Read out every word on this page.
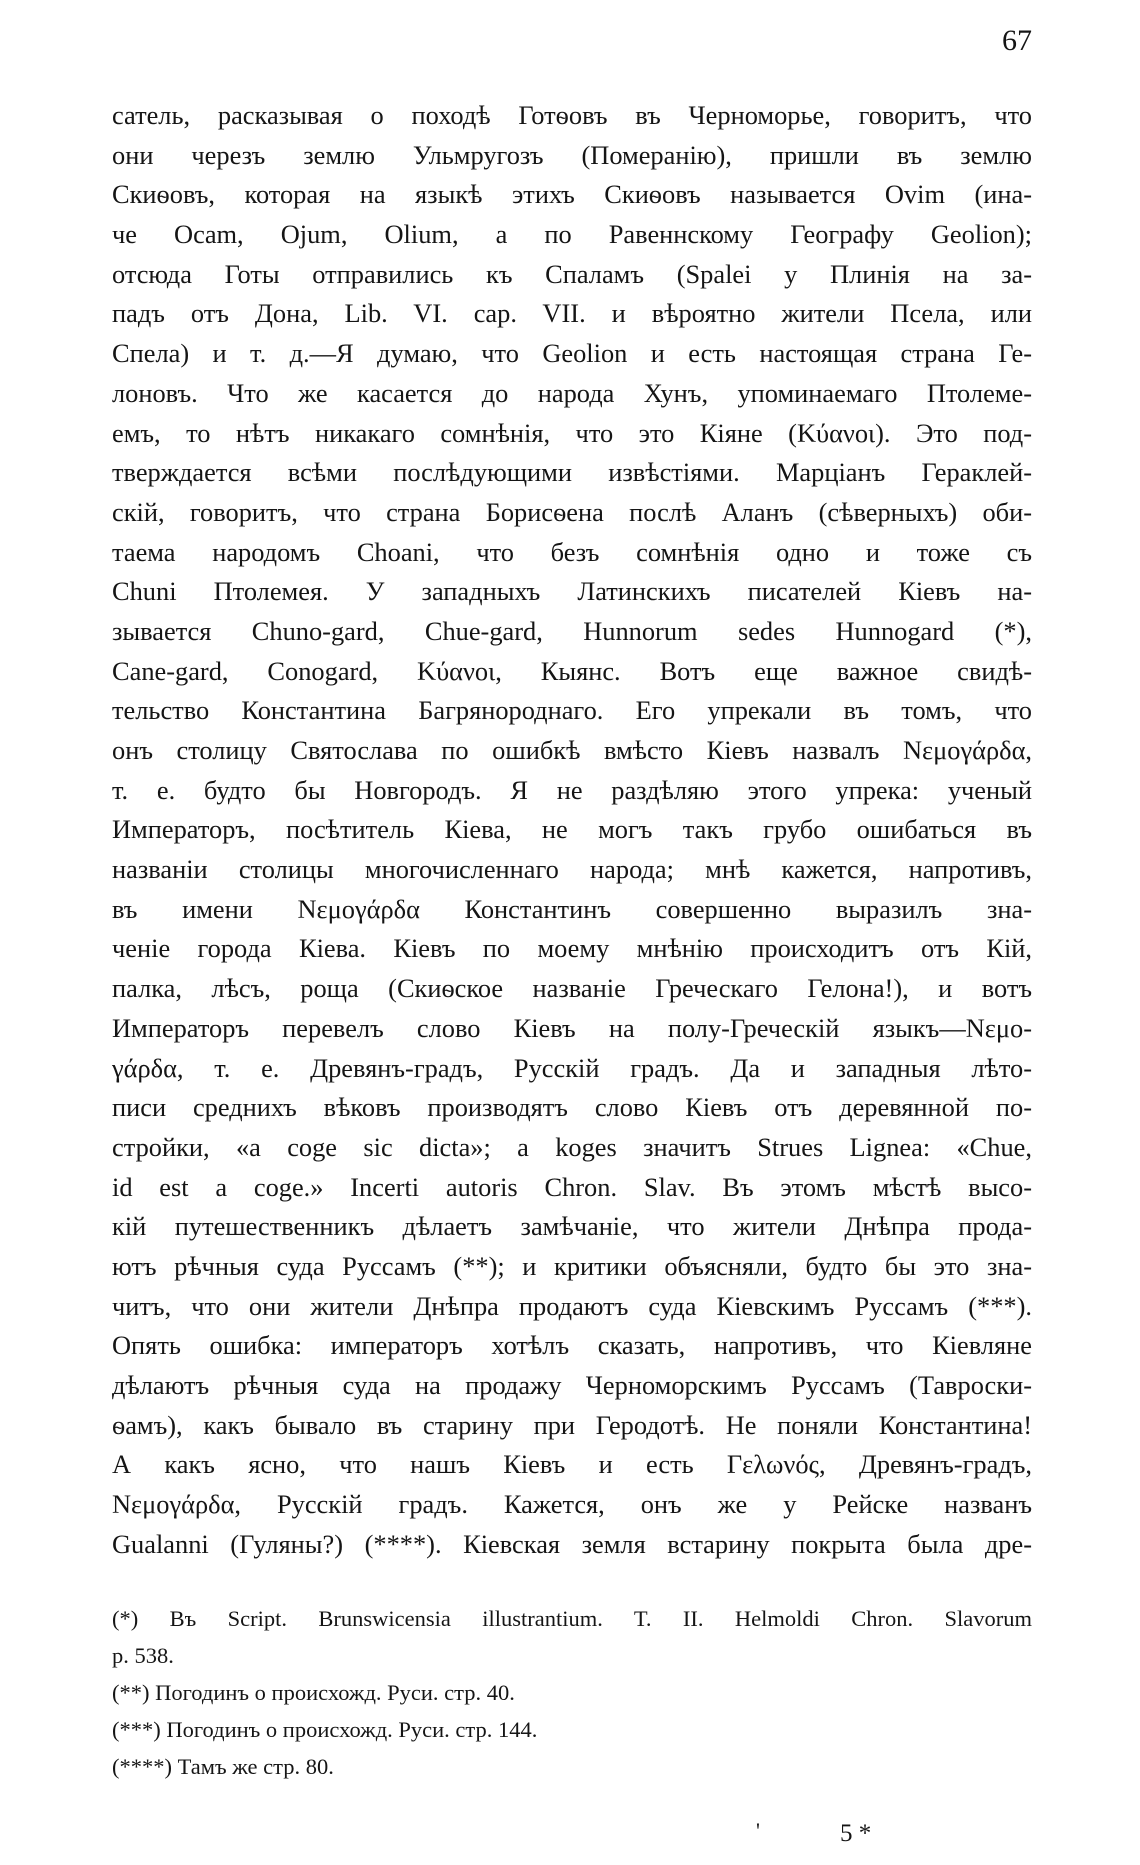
67
сатель, расказывая о походѣ Готѳовъ въ Черноморье, говоритъ, что
они черезъ землю Ульмругозъ (Померанію), пришли въ землю
Скиѳовъ, которая на языкѣ этихъ Скиѳовъ называется Ovim (ина-
че Оcam, Ojum, Olium, а по Равеннскому Географу Geolion);
отсюда Готы отправились къ Спаламъ (Spalei у Плинія на за-
падъ отъ Дона, Lib. VI. cap. VII. и вѣроятно жители Псела, или
Спела) и т. д.—Я думаю, что Geolion и есть настоящая страна Ге-
лоновъ. Что же касается до народа Хунъ, упоминаемаго Птолеме-
емъ, то нѣтъ никакаго сомнѣнія, что это Кіяне (Κύανοι). Это под-
тверждается всѣми послѣдующими извѣстіями. Марціанъ Гераклей-
скій, говоритъ, что страна Борисѳена послѣ Аланъ (сѣверныхъ) оби-
таема народомъ Choani, что безъ сомнѣнія одно и тоже съ
Chuni Птолемея. У западныхъ Латинскихъ писателей Кіевъ на-
зывается Chuno-gard, Chue-gard, Hunnorum sedes Hunnogard (*),
Cane-gard, Conogard, Κύανοι, Кыянс. Вотъ еще важное свидѣ-
тельство Константина Багрянороднаго. Его упрекали въ томъ, что
онъ столицу Святослава по ошибкѣ вмѣсто Кіевъ назвалъ Νεμογάρδα,
т. е. будто бы Новгородъ. Я не раздѣляю этого упрека: ученый
Императоръ, посѣтитель Кіева, не могъ такъ грубо ошибаться въ
названіи столицы многочисленнаго народа; мнѣ кажется, напротивъ,
въ имени Νεμογάρδα Константинъ совершенно выразилъ зна-
ченіе города Кіева. Кіевъ по моему мнѣнію происходитъ отъ Кій,
палка, лѣсъ, роща (Скиѳское названіе Греческаго Гелона!), и вотъ
Императоръ перевелъ слово Кіевъ на полу-Греческій языкъ—Νεμο-
γάρδα, т. е. Древянъ-градъ, Русскій градъ. Да и западныя лѣто-
писи среднихъ вѣковъ производятъ слово Кіевъ отъ деревянной по-
стройки, «a coge sic dicta»; a koges значитъ Strues Lignea: «Chue,
id est a coge.» Incerti autoris Chron. Slav. Въ этомъ мѣстѣ высо-
кій путешественникъ дѣлаетъ замѣчаніе, что жители Днѣпра прода-
ютъ рѣчныя суда Руссамъ (**); и критики объясняли, будто бы это зна-
читъ, что они жители Днѣпра продаютъ суда Кіевскимъ Руссамъ (***).
Опять ошибка: императоръ хотѣлъ сказать, напротивъ, что Кіевляне
дѣлаютъ рѣчныя суда на продажу Черноморскимъ Руссамъ (Тавроски-
ѳамъ), какъ бывало въ старину при Геродотѣ. Не поняли Константина!
А какъ ясно, что нашъ Кіевъ и есть Γελωνός, Древянъ-градъ,
Νεμογάρδα, Русскій градъ. Кажется, онъ же у Рейске названъ
Gualanni (Гуляны?) (****). Кіевская земля встарину покрыта была дре-
(*) Въ Script. Brunswicensia illustrantium. T. II. Helmoldi Chron. Slavorum
p. 538.
(**) Погодинъ о происхожд. Руси. стр. 40.
(***) Погодинъ о происхожд. Руси. стр. 144.
(****) Тамъ же стр. 80.
'	5 *
